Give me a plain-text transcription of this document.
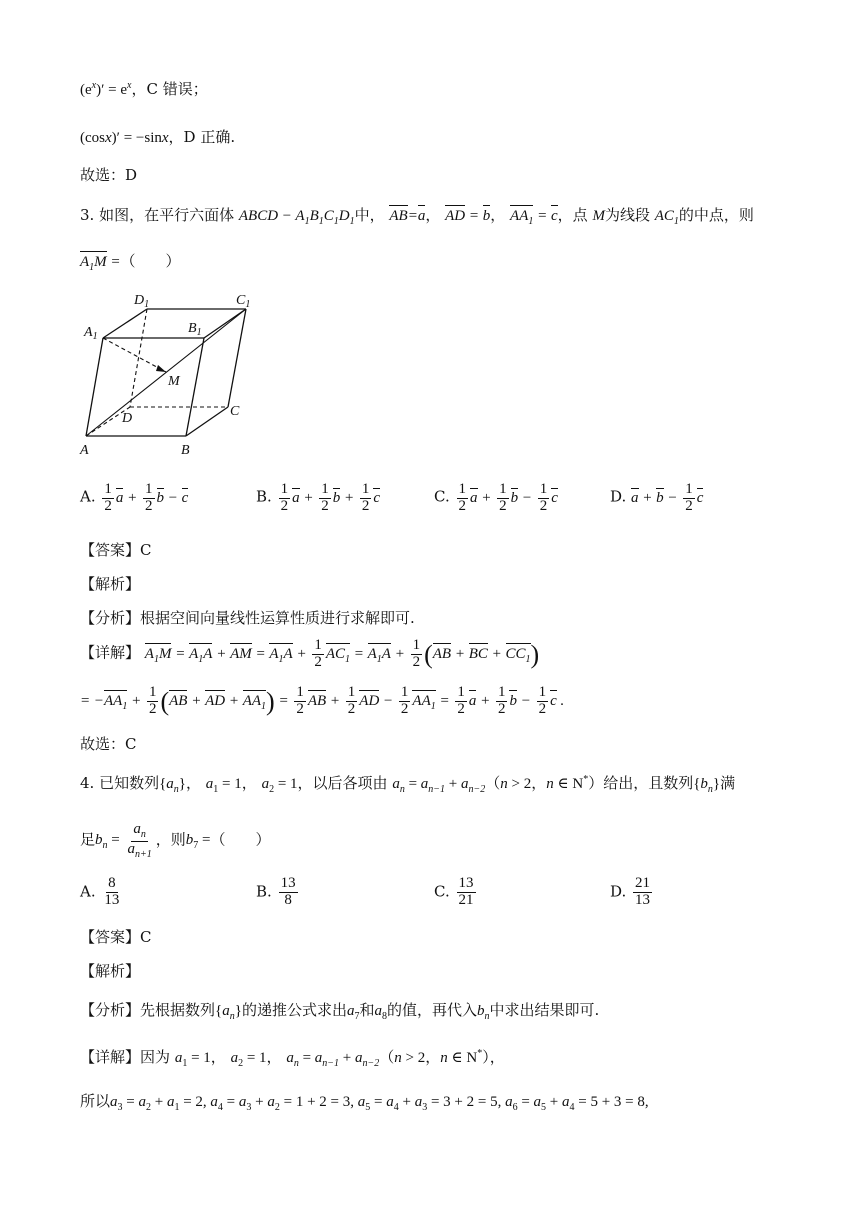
$(e^x)' = e^x$，C 错误；
(cosx)′ = −sinx，D 正确.
故选：D
3. 如图，在平行六面体 ABCD − $A_1B_1C_1D_1$中， AB=a， AD = b， $AA_1 = c$，点 M为线段 $AC_1$的中点，则
$A_1M$ =（　　）
$D_1$	$C_1$
$A_1$
$B_1$
M
D	C
A	B
A. $\frac{1}{2}$ $a + \frac{1}{2}$ b − c	B. $\frac{1}{2}$ $a + \frac{1}{2}$ $b + \frac{1}{2}$ c	C. $\frac{1}{2}$ $a + \frac{1}{2}$ $b - \frac{1}{2}$ c	D. $a + b - \frac{1}{2}$ c
【答案】C
【解析】
【分析】根据空间向量线性运算性质进行求解即可.
【详解】 $A_1M = A_1A$ + AM = $A_1A + \frac{1}{2} AC_1 = A_1A + \frac{1}{2} (AB$ + BC + $CC_1$)
= $-AA_1 + \frac{1}{2} (AB$ + AD + $AA_1) = \frac{1}{2}$ AB + $\frac{1}{2}$ AD − $\frac{1}{2} AA_1 = \frac{1}{2}$ $a + \frac{1}{2}$ $b - \frac{1}{2}$ c .
故选：C
4. 已知数列$\{a_n\}$， $a_1 = 1$， $a_2 = 1$，以后各项由 $a_n = a_{n-1} + a_{n-2}(n > 2$，n ∈ N*）给出，且数列$\{b_n\}$满
足$b_n = \frac{a_n}{a_{n+1}}$ ，则$b_7$ =（　　）
A. $\frac{8}{13}$	B. $\frac{13}{8}$	C. $\frac{13}{21}$	D. $\frac{21}{13}$
【答案】C
【解析】
【分析】先根据数列$\{a_n\}$的递推公式求出$a_7$和$a_8$的值，再代入$b_n$中求出结果即可.
【详解】因为 $a_1 = 1$， $a_2 = 1$， $a_n = a_{n-1} + a_{n-2}(n > 2$，n ∈ N*），
所以$a_3 = a_2 + a_1 = 2$, $a_4 = a_3 + a_2 = 1 + 2 = 3$, $a_5 = a_4 + a_3 = 3 + 2 = 5$, $a_6 = a_5 + a_4 = 5 + 3 = 8$,
